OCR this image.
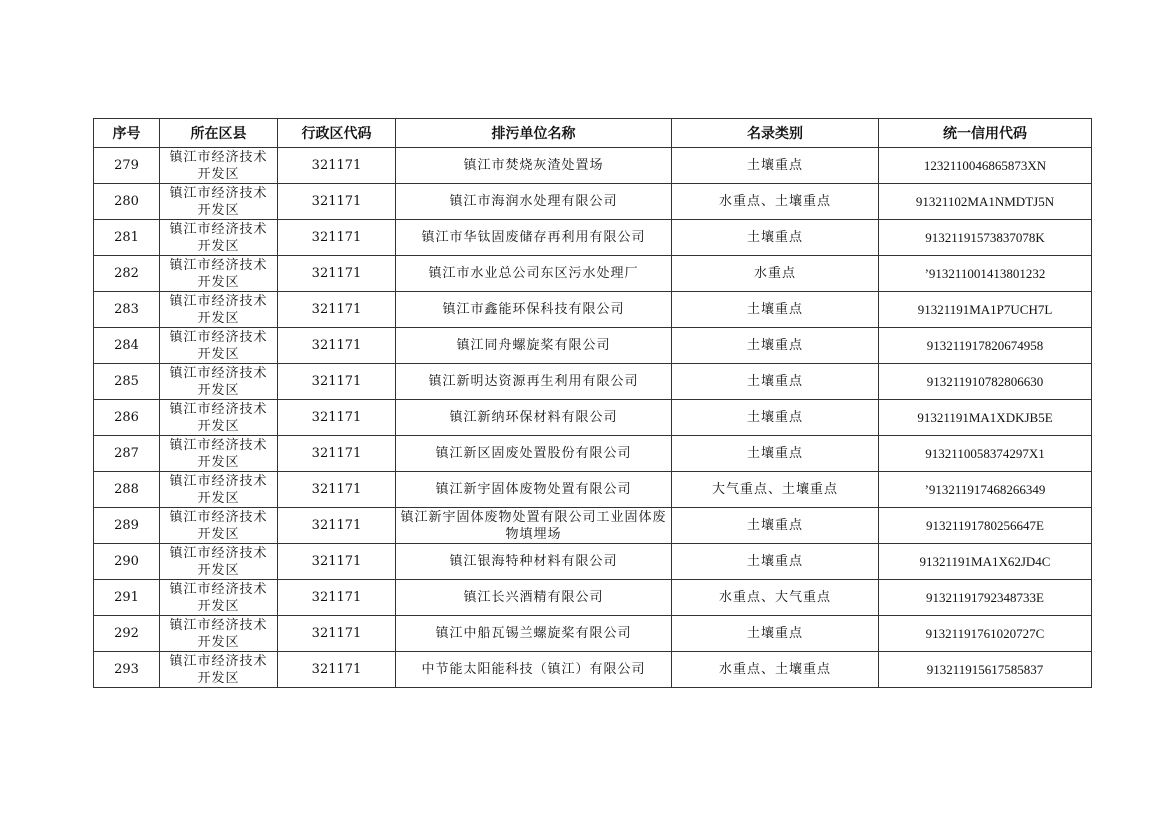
序号	所在区县	行政区代码	排污单位名称	名录类别	统一信用代码
279	镇江市经济技术开发区	321171	镇江市焚烧灰渣处置场	土壤重点	1232110046865873XN
280	镇江市经济技术开发区	321171	镇江市海润水处理有限公司	水重点、土壤重点	91321102MA1NMDTJ5N
281	镇江市经济技术开发区	321171	镇江市华钛固废储存再利用有限公司	土壤重点	91321191573837078K
282	镇江市经济技术开发区	321171	镇江市水业总公司东区污水处理厂	水重点	’913211001413801232
283	镇江市经济技术开发区	321171	镇江市鑫能环保科技有限公司	土壤重点	91321191MA1P7UCH7L
284	镇江市经济技术开发区	321171	镇江同舟螺旋桨有限公司	土壤重点	913211917820674958
285	镇江市经济技术开发区	321171	镇江新明达资源再生利用有限公司	土壤重点	913211910782806630
286	镇江市经济技术开发区	321171	镇江新纳环保材料有限公司	土壤重点	91321191MA1XDKJB5E
287	镇江市经济技术开发区	321171	镇江新区固废处置股份有限公司	土壤重点	9132110058374297X1
288	镇江市经济技术开发区	321171	镇江新宇固体废物处置有限公司	大气重点、土壤重点	’913211917468266349
289	镇江市经济技术开发区	321171	镇江新宇固体废物处置有限公司工业固体废物填埋场	土壤重点	91321191780256647E
290	镇江市经济技术开发区	321171	镇江银海特种材料有限公司	土壤重点	91321191MA1X62JD4C
291	镇江市经济技术开发区	321171	镇江长兴酒精有限公司	水重点、大气重点	91321191792348733E
292	镇江市经济技术开发区	321171	镇江中船瓦锡兰螺旋桨有限公司	土壤重点	91321191761020727C
293	镇江市经济技术开发区	321171	中节能太阳能科技（镇江）有限公司	水重点、土壤重点	913211915617585837
